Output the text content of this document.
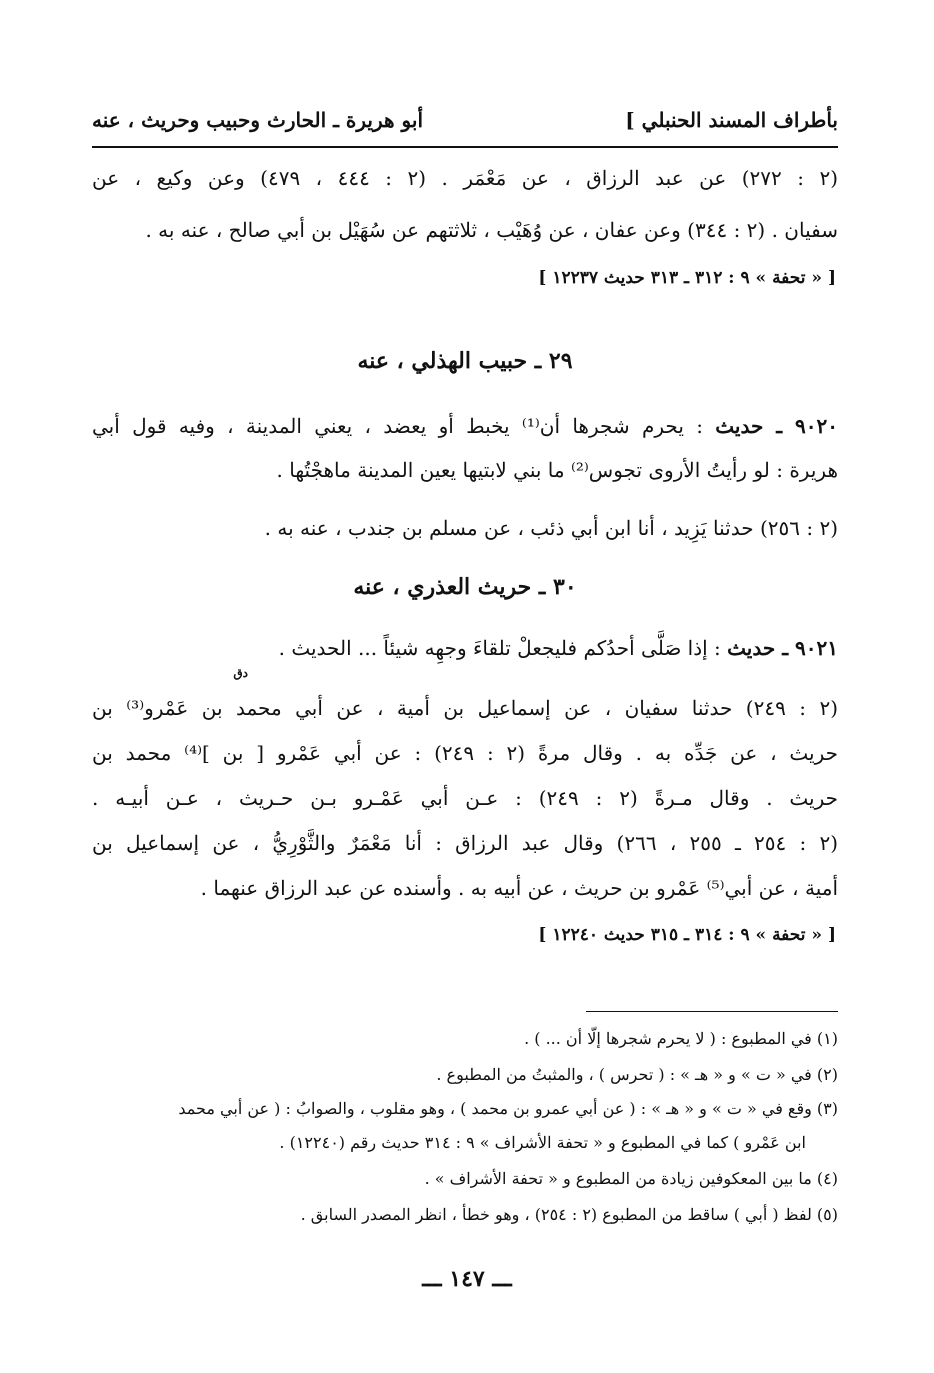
بأطراف المسند الحنبلي ]
أبو هريرة ـ الحارث وحبيب وحريث ، عنه
(٢ : ٢٧٢) عن عبد الرزاق ، عن مَعْمَر . (٢ : ٤٤٤ ، ٤٧٩) وعن وكيع ، عن
سفيان . (٢ : ٣٤٤) وعن عفان ، عن وُهَيْب ، ثلاثتهم عن سُهَيْل بن أبي صالح ، عنه به .
[ « تحفة » ٩ : ٣١٢ ـ ٣١٣ حديث ١٢٢٣٧ ]
٢٩ ـ حبيب الهذلي ، عنه
٩٠٢٠ ـ حديث : يحرم شجرها أن⁽¹⁾ يخبط أو يعضد ، يعني المدينة ، وفيه قول أبي
هريرة : لو رأيتُ الأروى تجوس⁽²⁾ ما بني لابتيها يعين المدينة ماهجْتُها .
(٢ : ٢٥٦) حدثنا يَزِيد ، أنا ابن أبي ذئب ، عن مسلم بن جندب ، عنه به .
٣٠ ـ حريث العذري ، عنه
٩٠٢١ ـ حديث : إذا صَلَّى أحدُكم فليجعلْ تلقاءَ وجهِه شيئاً ... الحديث .
دق
(٢ : ٢٤٩) حدثنا سفيان ، عن إسماعيل بن أمية ، عن أبي محمد بن عَمْرو⁽³⁾ بن
حريث ، عن جَدِّه به . وقال مرةً (٢ : ٢٤٩) : عن أبي عَمْرو [ بن ]⁽⁴⁾ محمد بن
حريث . وقال مـرةً (٢ : ٢٤٩) : عـن أبي عَمْـرو بـن حـريث ، عـن أبيـه .
(٢ : ٢٥٤ ـ ٢٥٥ ، ٢٦٦) وقال عبد الرزاق : أنا مَعْمَرٌ والثَّوْرِيُّ ، عن إسماعيل بن
أمية ، عن أبي⁽⁵⁾ عَمْرو بن حريث ، عن أبيه به . وأسنده عن عبد الرزاق عنهما .
[ « تحفة » ٩ : ٣١٤ ـ ٣١٥ حديث ١٢٢٤٠ ]
(١) في المطبوع : ( لا يحرم شجرها إلّا أن ... ) .
(٢) في « ت » و « هـ » : ( تحرس ) ، والمثبتُ من المطبوع .
(٣) وقع في « ت » و « هـ » : ( عن أبي عمرو بن محمد ) ، وهو مقلوب ، والصوابُ : ( عن أبي محمد
ابن عَمْرو ) كما في المطبوع و « تحفة الأشراف » ٩ : ٣١٤ حديث رقم (١٢٢٤٠) .
(٤) ما بين المعكوفين زيادة من المطبوع و « تحفة الأشراف » .
(٥) لفظ ( أبي ) ساقط من المطبوع (٢ : ٢٥٤) ، وهو خطأ ، انظر المصدر السابق .
ـــ ١٤٧ ـــ
